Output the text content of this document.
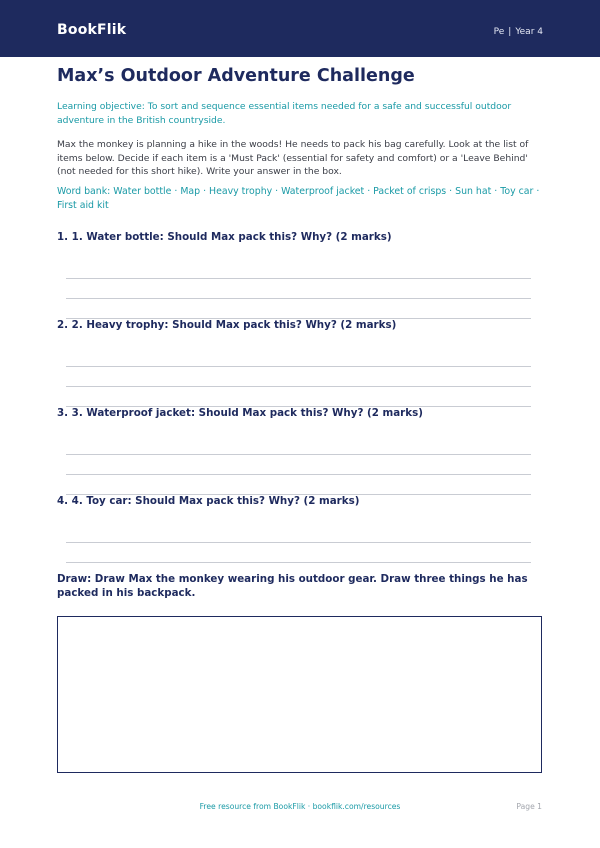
BookFlik	Pe | Year 4
Max’s Outdoor Adventure Challenge
Learning objective: To sort and sequence essential items needed for a safe and successful outdoor adventure in the British countryside.
Max the monkey is planning a hike in the woods! He needs to pack his bag carefully. Look at the list of items below. Decide if each item is a 'Must Pack' (essential for safety and comfort) or a 'Leave Behind' (not needed for this short hike). Write your answer in the box.
Word bank: Water bottle · Map · Heavy trophy · Waterproof jacket · Packet of crisps · Sun hat · Toy car · First aid kit
1. 1. Water bottle: Should Max pack this? Why? (2 marks)
2. 2. Heavy trophy: Should Max pack this? Why? (2 marks)
3. 3. Waterproof jacket: Should Max pack this? Why? (2 marks)
4. 4. Toy car: Should Max pack this? Why? (2 marks)
Draw: Draw Max the monkey wearing his outdoor gear. Draw three things he has packed in his backpack.
Free resource from BookFlik · bookflik.com/resources	Page 1
